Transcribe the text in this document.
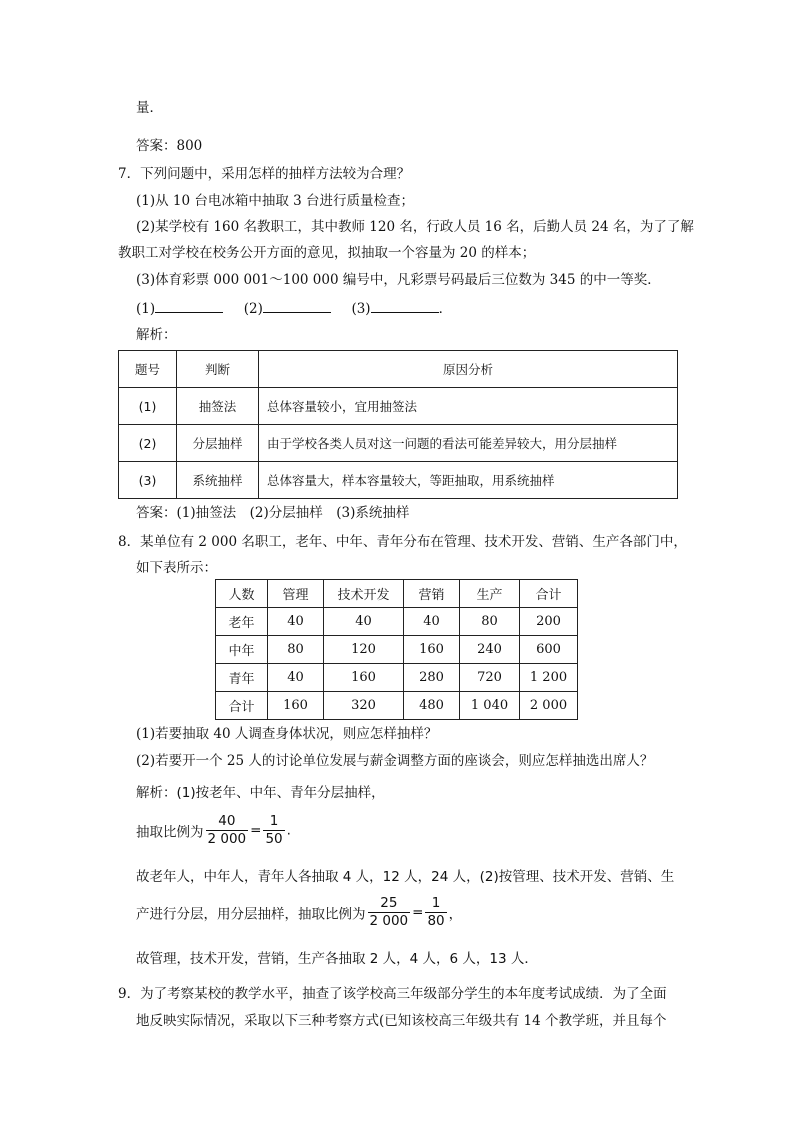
量．
答案：800
7．下列问题中，采用怎样的抽样方法较为合理？
(1)从 10 台电冰箱中抽取 3 台进行质量检查；
(2)某学校有 160 名教职工，其中教师 120 名，行政人员 16 名，后勤人员 24 名，为了了解
教职工对学校在校务公开方面的意见，拟抽取一个容量为 20 的样本；
(3)体育彩票 000 001～100 000 编号中，凡彩票号码最后三位数为 345 的中一等奖．
(1)	(2)	(3)	．
解析：
题号	判断	原因分析
(1)	抽签法	总体容量较小，宜用抽签法
(2)	分层抽样	由于学校各类人员对这一问题的看法可能差异较大，用分层抽样
(3)	系统抽样	总体容量大，样本容量较大，等距抽取，用系统抽样
答案：(1)抽签法　(2)分层抽样　(3)系统抽样
8．某单位有 2 000 名职工，老年、中年、青年分布在管理、技术开发、营销、生产各部门中，
如下表所示：
人数	管理	技术开发	营销	生产	合计
老年	40	40	40	80	200
中年	80	120	160	240	600
青年	40	160	280	720	1 200
合计	160	320	480	1 040	2 000
(1)若要抽取 40 人调查身体状况，则应怎样抽样？
(2)若要开一个 25 人的讨论单位发展与薪金调整方面的座谈会，则应怎样抽选出席人？
解析：(1)按老年、中年、青年分层抽样，
抽取比例为 $\frac{40}{2 000} = \frac{1}{50}$ .
故老年人，中年人，青年人各抽取 4 人，12 人，24 人，(2)按管理、技术开发、营销、生
产进行分层，用分层抽样，抽取比例为 $\frac{25}{2 000} = \frac{1}{80}$ ，
故管理，技术开发，营销，生产各抽取 2 人，4 人，6 人，13 人．
9．为了考察某校的教学水平，抽查了该学校高三年级部分学生的本年度考试成绩．为了全面
地反映实际情况，采取以下三种考察方式(已知该校高三年级共有 14 个教学班，并且每个
